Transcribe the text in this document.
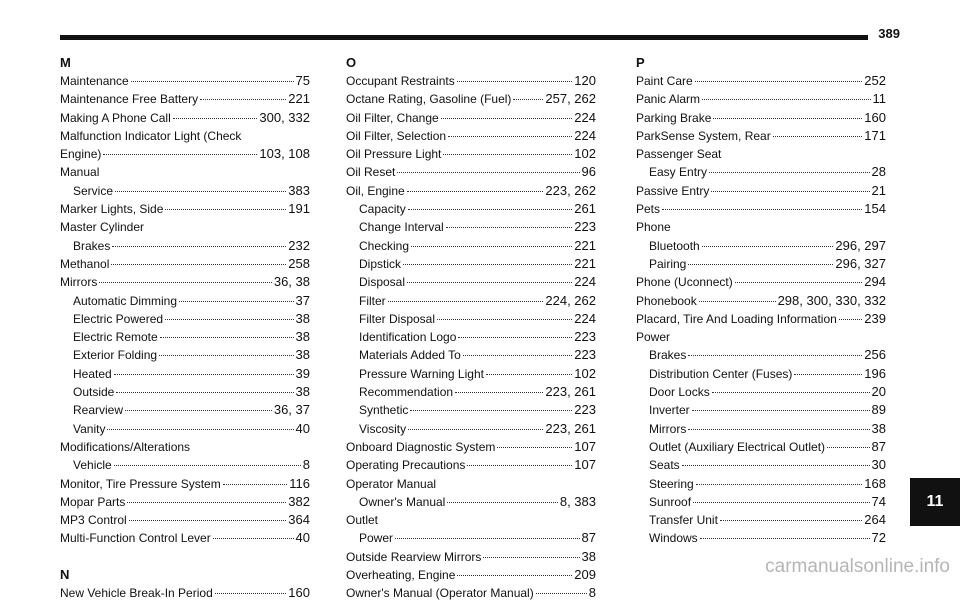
389
M
Maintenance	75
Maintenance Free Battery	221
Making A Phone Call	300, 332
Malfunction Indicator Light (Check
Engine)	103, 108
Manual
Service	383
Marker Lights, Side	191
Master Cylinder
Brakes	232
Methanol	258
Mirrors	36, 38
Automatic Dimming	37
Electric Powered	38
Electric Remote	38
Exterior Folding	38
Heated	39
Outside	38
Rearview	36, 37
Vanity	40
Modifications/Alterations
Vehicle	8
Monitor, Tire Pressure System	116
Mopar Parts	382
MP3 Control	364
Multi-Function Control Lever	40
N
New Vehicle Break-In Period	160
O
Occupant Restraints	120
Octane Rating, Gasoline (Fuel)	257, 262
Oil Filter, Change	224
Oil Filter, Selection	224
Oil Pressure Light	102
Oil Reset	96
Oil, Engine	223, 262
Capacity	261
Change Interval	223
Checking	221
Dipstick	221
Disposal	224
Filter	224, 262
Filter Disposal	224
Identification Logo	223
Materials Added To	223
Pressure Warning Light	102
Recommendation	223, 261
Synthetic	223
Viscosity	223, 261
Onboard Diagnostic System	107
Operating Precautions	107
Operator Manual
Owner's Manual	8, 383
Outlet
Power	87
Outside Rearview Mirrors	38
Overheating, Engine	209
Owner's Manual (Operator Manual)	8
P
Paint Care	252
Panic Alarm	11
Parking Brake	160
ParkSense System, Rear	171
Passenger Seat
Easy Entry	28
Passive Entry	21
Pets	154
Phone
Bluetooth	296, 297
Pairing	296, 327
Phone (Uconnect)	294
Phonebook	298, 300, 330, 332
Placard, Tire And Loading Information 239
Power
Brakes	256
Distribution Center (Fuses)	196
Door Locks	20
Inverter	89
Mirrors	38
Outlet (Auxiliary Electrical Outlet)	87
Seats	30
Steering	168
Sunroof	74
Transfer Unit	264
Windows	72
11
carmanualsonline.info
